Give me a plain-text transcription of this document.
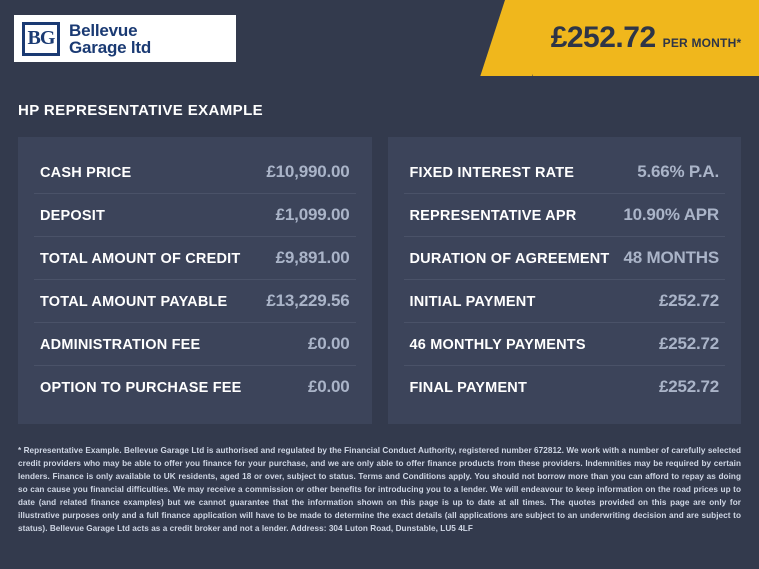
BG Bellevue
Garage ltd	£252.72 PER MONTH*
HP REPRESENTATIVE EXAMPLE
CASH PRICE	£10,990.00
DEPOSIT	£1,099.00
TOTAL AMOUNT OF CREDIT £9,891.00
TOTAL AMOUNT PAYABLE £13,229.56
ADMINISTRATION FEE	£0.00
OPTION TO PURCHASE FEE	£0.00
FIXED INTEREST RATE	5.66% P.A.
REPRESENTATIVE APR	10.90% APR
DURATION OF AGREEMENT 48 MONTHS
INITIAL PAYMENT	£252.72
46 MONTHLY PAYMENTS	£252.72
FINAL PAYMENT	£252.72
* Representative Example. Bellevue Garage Ltd is authorised and regulated by the Financial Conduct Authority, registered number 672812. We work with a number of carefully selected credit providers who may be able to offer you finance for your purchase, and we are only able to offer finance products from these providers. Indemnities may be required by certain lenders. Finance is only available to UK residents, aged 18 or over, subject to status. Terms and Conditions apply. You should not borrow more than you can afford to repay as doing so can cause you financial difficulties. We may receive a commission or other benefits for introducing you to a lender. We will endeavour to keep information on the road prices up to date (and related finance examples) but we cannot guarantee that the information shown on this page is up to date at all times. The quotes provided on this page are only for illustrative purposes only and a full finance application will have to be made to determine the exact details (all applications are subject to an underwriting decision and are subject to status). Bellevue Garage Ltd acts as a credit broker and not a lender. Address: 304 Luton Road, Dunstable, LU5 4LF
